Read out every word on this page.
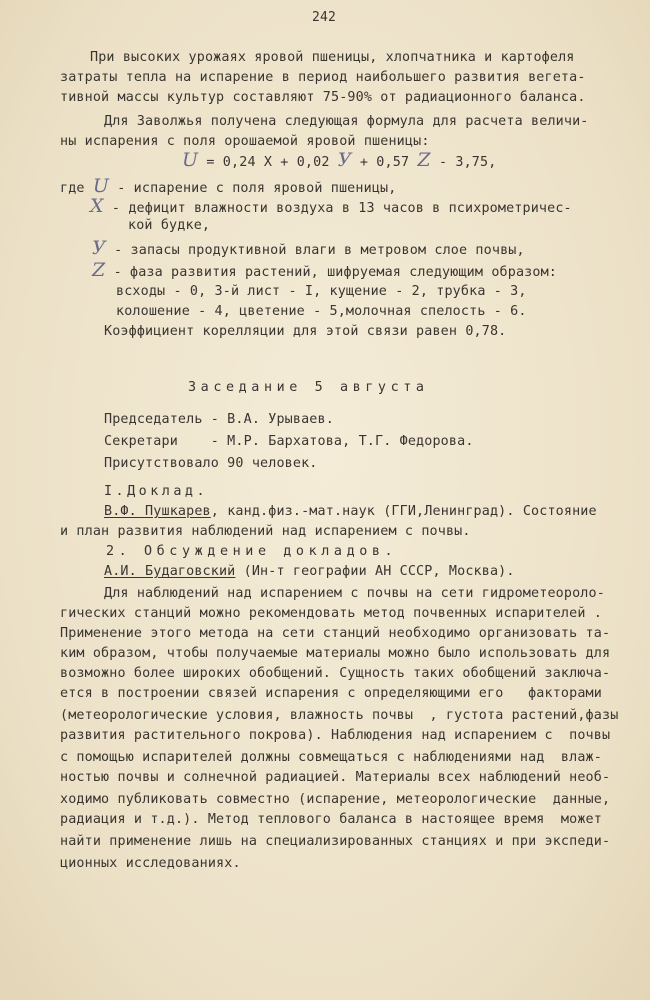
242
При высоких урожаях яровой пшеницы, хлопчатника и картофеля
затраты тепла на испарение в период наибольшего развития вегета-
тивной массы культур составляют 75-90% от радиационного баланса.
Для Заволжья получена следующая формула для расчета величи-
ны испарения с поля орошаемой яровой пшеницы:
U = 0,24 X + 0,02 У + 0,57 Z - 3,75,
где U - испарение с поля яровой пшеницы,
X - дефицит влажности воздуха в 13 часов в психрометричес-
кой будке,
У - запасы продуктивной влаги в метровом слое почвы,
Z - фаза развития растений, шифруемая следующим образом:
всходы - 0, 3-й лист - I, кущение - 2, трубка - 3,
колошение - 4, цветение - 5,молочная спелость - 6.
Коэффициент корелляции для этой связи равен 0,78.
Заседание 5 августа
Председатель - В.А. Урываев.
Секретари    - М.Р. Бархатова, Т.Г. Федорова.
Присутствовало 90 человек.
I.Доклад.
В.Ф. Пушкарев, канд.физ.-мат.наук (ГГИ,Ленинград). Состояние
и план развития наблюдений над испарением с почвы.
2. Обсуждение докладов.
А.И. Будаговский (Ин-т географии АН СССР, Москва).
Для наблюдений над испарением с почвы на сети гидрометеороло-
гических станций можно рекомендовать метод почвенных испарителей .
Применение этого метода на сети станций необходимо организовать та-
ким образом, чтобы получаемые материалы можно было использовать для
возможно более широких обобщений. Сущность таких обобщений заключа-
ется в построении связей испарения с определяющими его   факторами
(метеорологические условия, влажность почвы  , густота растений,фазы
развития растительного покрова). Наблюдения над испарением с  почвы
с помощью испарителей должны совмещаться с наблюдениями над  влаж-
ностью почвы и солнечной радиацией. Материалы всех наблюдений необ-
ходимо публиковать совместно (испарение, метеорологические  данные,
радиация и т.д.). Метод теплового баланса в настоящее время  может
найти применение лишь на специализированных станциях и при экспеди-
ционных исследованиях.
